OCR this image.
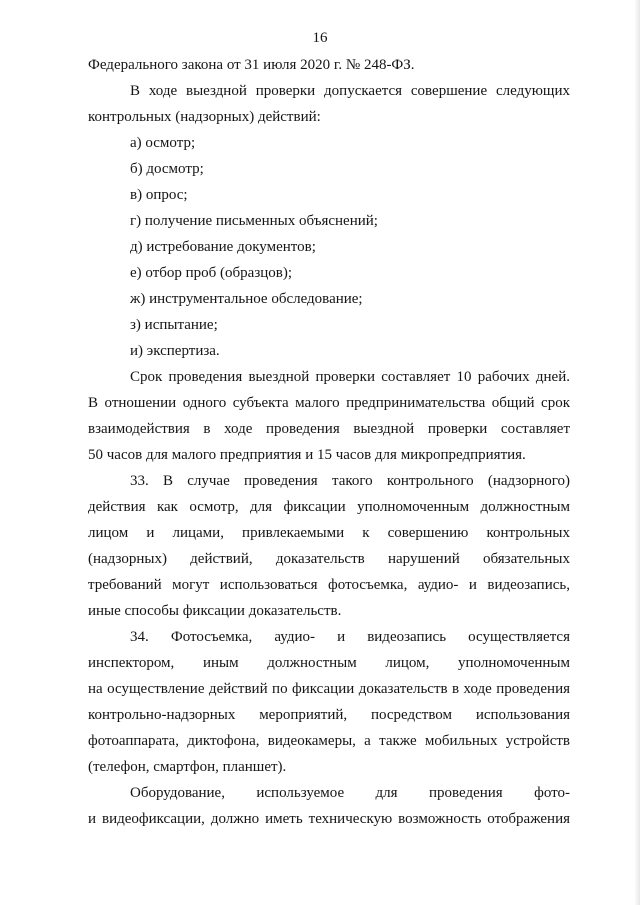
16
Федерального закона от 31 июля 2020 г. № 248-ФЗ.
В ходе выездной проверки допускается совершение следующих
контрольных (надзорных) действий:
а) осмотр;
б) досмотр;
в) опрос;
г) получение письменных объяснений;
д) истребование документов;
е) отбор проб (образцов);
ж) инструментальное обследование;
з) испытание;
и) экспертиза.
Срок проведения выездной проверки составляет 10 рабочих дней.
В отношении одного субъекта малого предпринимательства общий срок
взаимодействия в ходе проведения выездной проверки составляет
50 часов для малого предприятия и 15 часов для микропредприятия.
33. В случае проведения такого контрольного (надзорного)
действия как осмотр, для фиксации уполномоченным должностным
лицом и лицами, привлекаемыми к совершению контрольных
(надзорных) действий, доказательств нарушений обязательных
требований могут использоваться фотосъемка, аудио- и видеозапись,
иные способы фиксации доказательств.
34. Фотосъемка, аудио- и видеозапись осуществляется
инспектором, иным должностным лицом, уполномоченным
на осуществление действий по фиксации доказательств в ходе проведения
контрольно-надзорных мероприятий, посредством использования
фотоаппарата, диктофона, видеокамеры, а также мобильных устройств
(телефон, смартфон, планшет).
Оборудование, используемое для проведения фото-
и видеофиксации, должно иметь техническую возможность отображения
